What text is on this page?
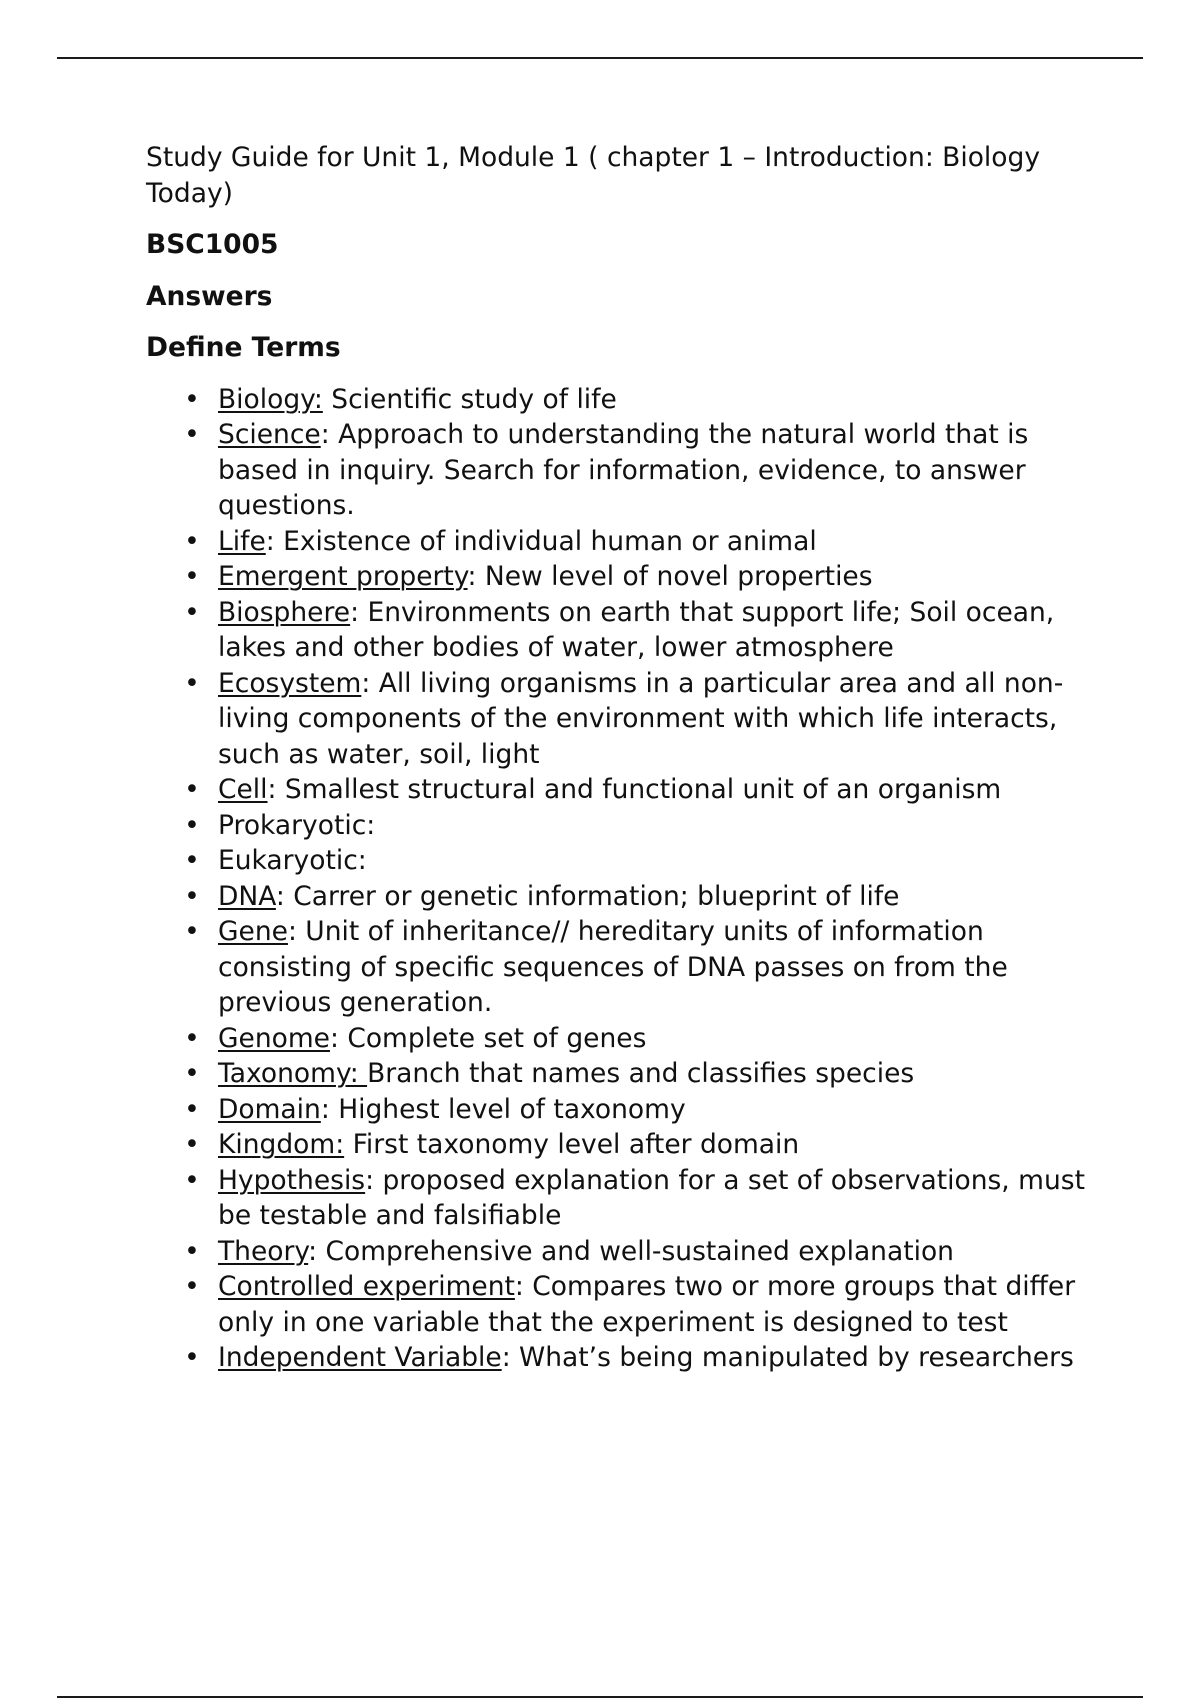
Study Guide for Unit 1, Module 1 ( chapter 1 – Introduction: Biology Today)

BSC1005

Answers

Define Terms

• Biology: Scientific study of life
• Science: Approach to understanding the natural world that is based in inquiry. Search for information, evidence, to answer questions.
• Life: Existence of individual human or animal
• Emergent property: New level of novel properties
• Biosphere: Environments on earth that support life; Soil ocean, lakes and other bodies of water, lower atmosphere
• Ecosystem: All living organisms in a particular area and all non-living components of the environment with which life interacts, such as water, soil, light
• Cell: Smallest structural and functional unit of an organism
• Prokaryotic:
• Eukaryotic:
• DNA: Carrer or genetic information; blueprint of life
• Gene: Unit of inheritance// hereditary units of information consisting of specific sequences of DNA passes on from the previous generation.
• Genome: Complete set of genes
• Taxonomy: Branch that names and classifies species
• Domain: Highest level of taxonomy
• Kingdom: First taxonomy level after domain
• Hypothesis: proposed explanation for a set of observations, must be testable and falsifiable
• Theory: Comprehensive and well-sustained explanation
• Controlled experiment: Compares two or more groups that differ only in one variable that the experiment is designed to test
• Independent Variable: What’s being manipulated by researchers
